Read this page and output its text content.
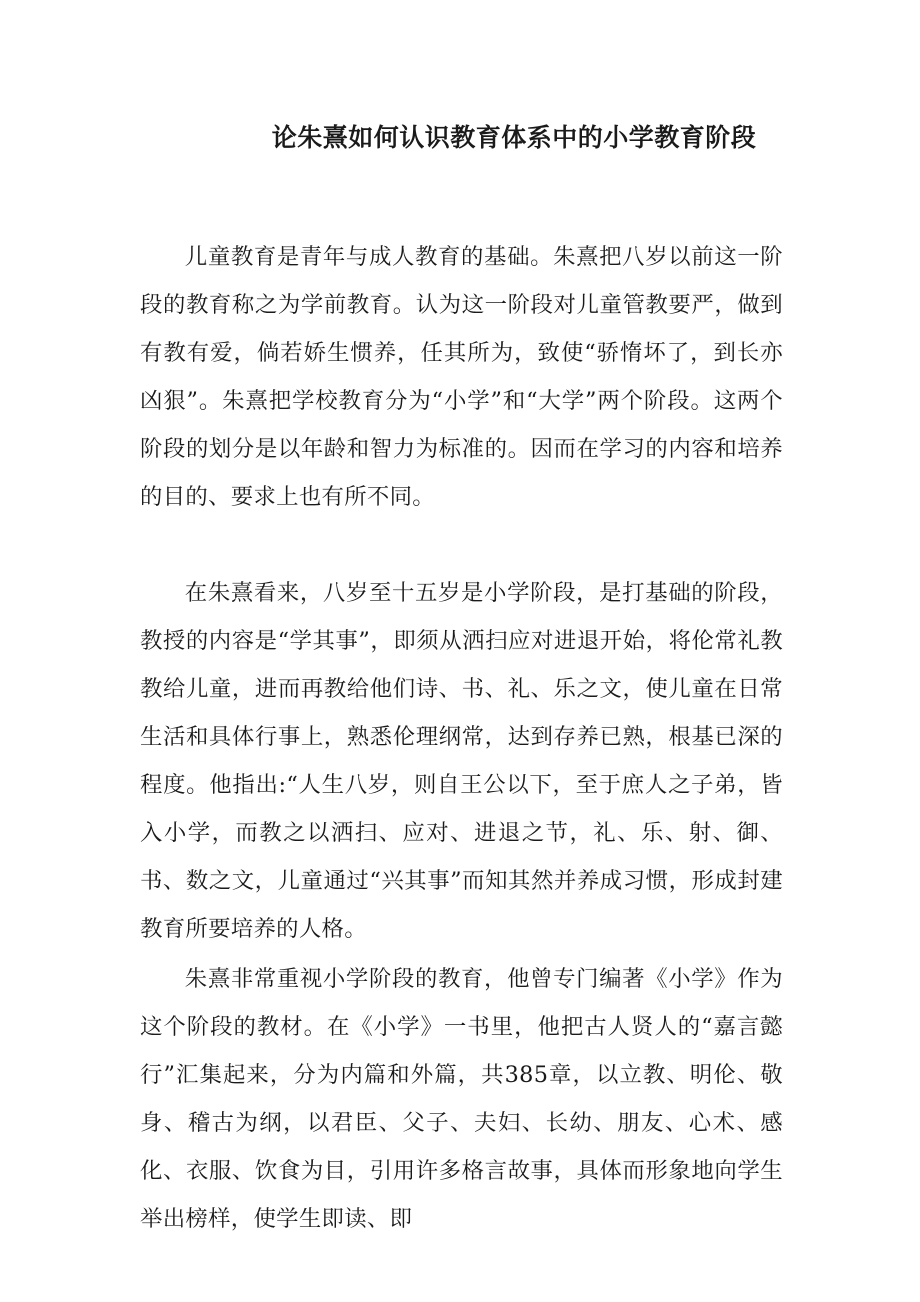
论朱熹如何认识教育体系中的小学教育阶段

儿童教育是青年与成人教育的基础。朱熹把八岁以前这一阶段的教育称之为学前教育。认为这一阶段对儿童管教要严，做到有教有爱，倘若娇生惯养，任其所为，致使“骄惰坏了，到长亦凶狠”。朱熹把学校教育分为“小学”和“大学”两个阶段。这两个阶段的划分是以年龄和智力为标准的。因而在学习的内容和培养的目的、要求上也有所不同。

在朱熹看来，八岁至十五岁是小学阶段，是打基础的阶段，教授的内容是“学其事”，即须从洒扫应对进退开始，将伦常礼教教给儿童，进而再教给他们诗、书、礼、乐之文，使儿童在日常生活和具体行事上，熟悉伦理纲常，达到存养已熟，根基已深的程度。他指出:“人生八岁，则自王公以下，至于庶人之子弟，皆入小学，而教之以洒扫、应对、进退之节，礼、乐、射、御、书、数之文，儿童通过“兴其事”而知其然并养成习惯，形成封建教育所要培养的人格。

朱熹非常重视小学阶段的教育，他曾专门编著《小学》作为这个阶段的教材。在《小学》一书里，他把古人贤人的“嘉言懿行”汇集起来，分为内篇和外篇，共385章，以立教、明伦、敬身、稽古为纲，以君臣、父子、夫妇、长幼、朋友、心术、感化、衣服、饮食为目，引用许多格言故事，具体而形象地向学生举出榜样，使学生即读、即
